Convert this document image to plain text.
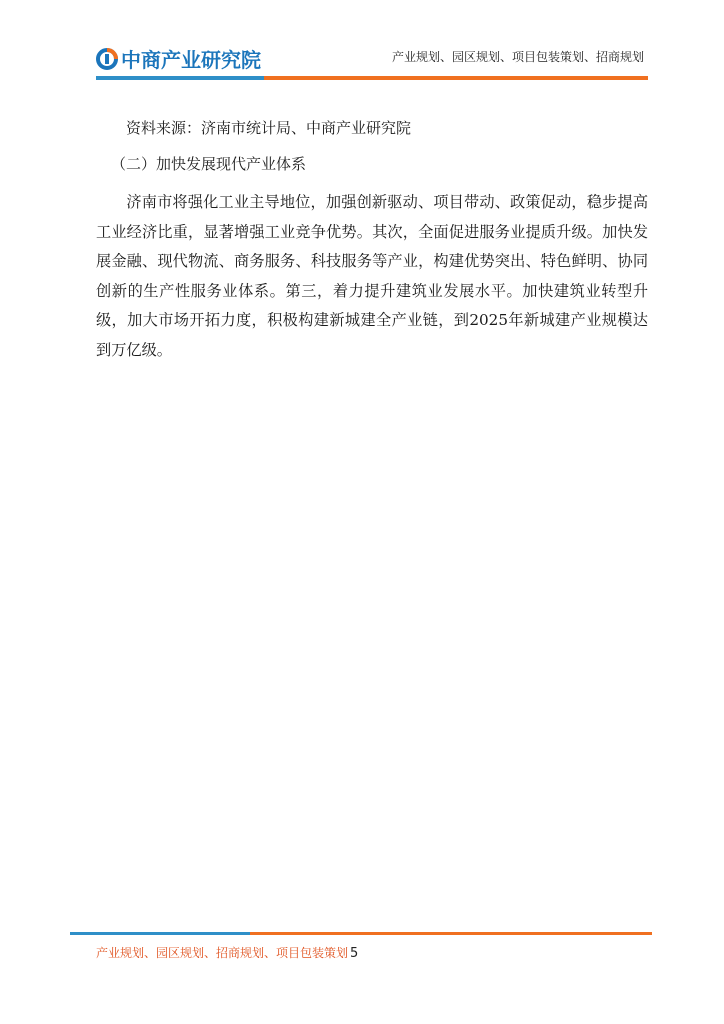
中商产业研究院	产业规划、园区规划、项目包装策划、招商规划

资料来源：济南市统计局、中商产业研究院

（二）加快发展现代产业体系

济南市将强化工业主导地位，加强创新驱动、项目带动、政策促动，稳步提高工业经济比重，显著增强工业竞争优势。其次，全面促进服务业提质升级。加快发展金融、现代物流、商务服务、科技服务等产业，构建优势突出、特色鲜明、协同创新的生产性服务业体系。第三，着力提升建筑业发展水平。加快建筑业转型升级，加大市场开拓力度，积极构建新城建全产业链，到2025年新城建产业规模达到万亿级。

产业规划、园区规划、招商规划、项目包装策划 5
